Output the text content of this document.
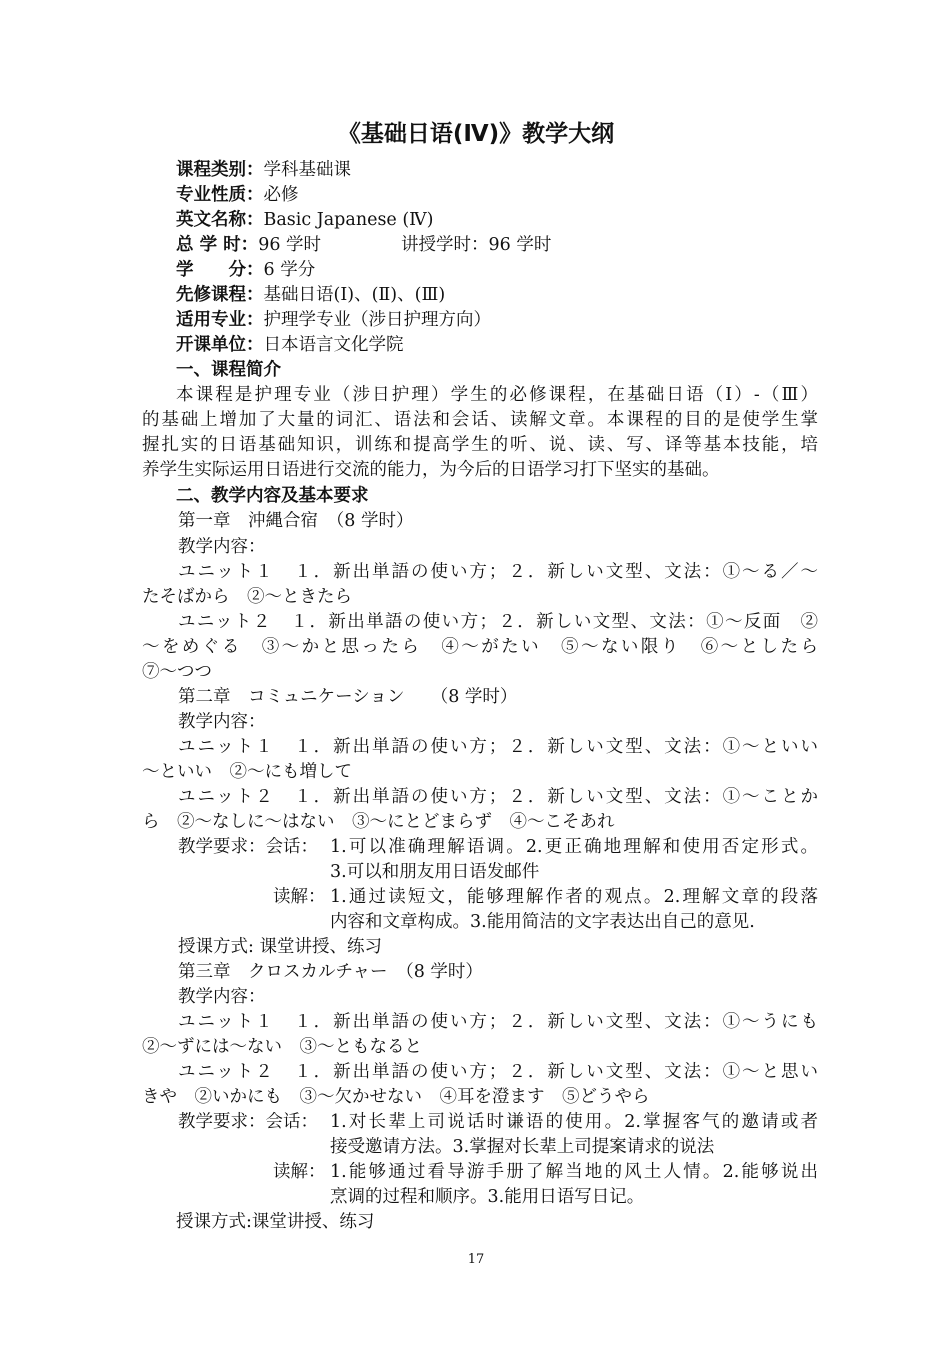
《基础日语(Ⅳ)》教学大纲
课程类别：学科基础课
专业性质：必修
英文名称：Basic Japanese (Ⅳ)
总 学 时：96 学时	讲授学时：96 学时
学　　分：6 学分
先修课程：基础日语(Ⅰ)、(Ⅱ)、(Ⅲ)
适用专业：护理学专业（涉日护理方向）
开课单位：日本语言文化学院
一、课程简介
本课程是护理专业（涉日护理）学生的必修课程，在基础日语（Ⅰ）-（Ⅲ）
的基础上增加了大量的词汇、语法和会话、读解文章。本课程的目的是使学生掌
握扎实的日语基础知识，训练和提高学生的听、说、读、写、译等基本技能，培
养学生实际运用日语进行交流的能力，为今后的日语学习打下坚实的基础。
二、教学内容及基本要求
第一章　沖縄合宿　（8 学时）
教学内容：
ユニット１　１．新出単語の使い方；２．新しい文型、文法：①～る／～
たそばから　②～ときたら
ユニット２　１．新出単語の使い方；２．新しい文型、文法：①～反面　②
～をめぐる　③～かと思ったら　④～がたい　⑤～ない限り　⑥～としたら
⑦～つつ
第二章　コミュニケーション　　（8 学时）
教学内容：
ユニット１　１．新出単語の使い方；２．新しい文型、文法：①～といい
～といい　②～にも増して
ユニット２　１．新出単語の使い方；２．新しい文型、文法：①～ことか
ら　②～なしに～はない　③～にとどまらず　④～こそあれ
教学要求：会话： 1.可以准确理解语调。2.更正确地理解和使用否定形式。
3.可以和朋友用日语发邮件
读解： 1.通过读短文，能够理解作者的观点。2.理解文章的段落
内容和文章构成。3.能用简洁的文字表达出自己的意见.
授课方式: 课堂讲授、练习
第三章　クロスカルチャー　（8 学时）
教学内容：
ユニット１　１．新出単語の使い方；２．新しい文型、文法：①～うにも
②～ずには～ない　③～ともなると
ユニット２　１．新出単語の使い方；２．新しい文型、文法：①～と思い
きや　②いかにも　③～欠かせない　④耳を澄ます　⑤どうやら
教学要求：会话： 1.对长辈上司说话时谦语的使用。2.掌握客气的邀请或者
接受邀请方法。3.掌握对长辈上司提案请求的说法
读解： 1.能够通过看导游手册了解当地的风土人情。2.能够说出
烹调的过程和顺序。3.能用日语写日记。
授课方式:课堂讲授、练习
17
